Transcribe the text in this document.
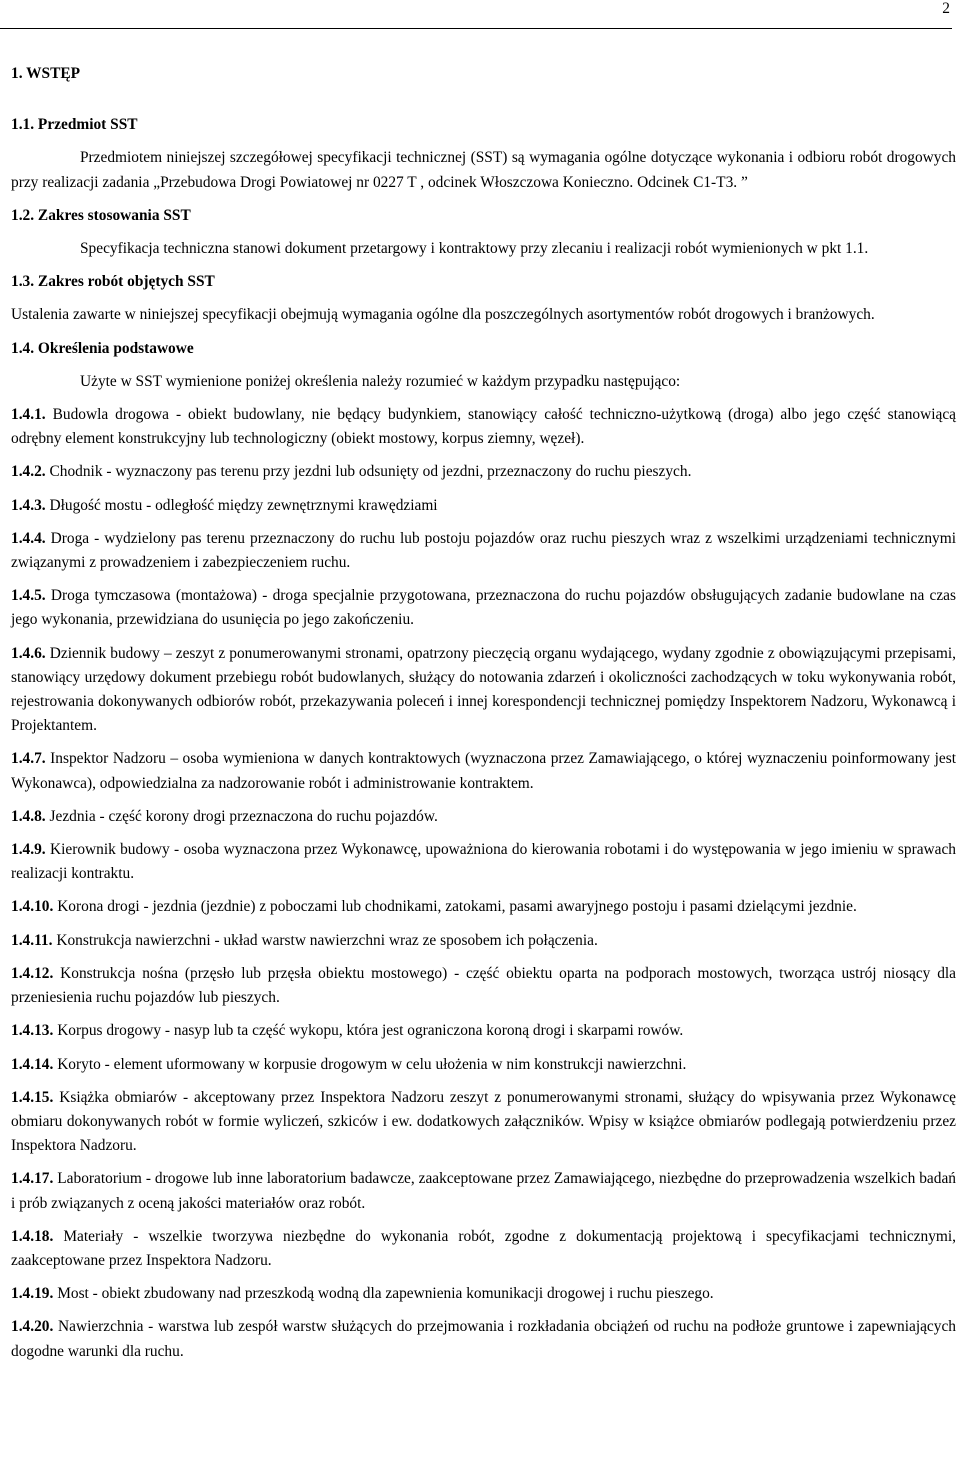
2

1. WSTĘP

1.1. Przedmiot SST

Przedmiotem niniejszej szczegółowej specyfikacji technicznej (SST) są wymagania ogólne dotyczące wykonania i odbioru robót drogowych przy realizacji zadania „Przebudowa Drogi Powiatowej nr 0227 T , odcinek Włoszczowa Konieczno. Odcinek C1-T3. ”

1.2. Zakres stosowania SST

Specyfikacja techniczna stanowi dokument przetargowy i kontraktowy przy zlecaniu i realizacji robót wymienionych w pkt 1.1.

1.3. Zakres robót objętych SST

Ustalenia zawarte w niniejszej specyfikacji obejmują wymagania ogólne dla poszczególnych asortymentów robót drogowych i branżowych.

1.4. Określenia podstawowe

Użyte w SST wymienione poniżej określenia należy rozumieć w każdym przypadku następująco:

1.4.1. Budowla drogowa - obiekt budowlany, nie będący budynkiem, stanowiący całość techniczno-użytkową (droga) albo jego część stanowiącą odrębny element konstrukcyjny lub technologiczny (obiekt mostowy, korpus ziemny, węzeł).

1.4.2. Chodnik - wyznaczony pas terenu przy jezdni lub odsunięty od jezdni, przeznaczony do ruchu pieszych.

1.4.3. Długość mostu - odległość między zewnętrznymi krawędziami

1.4.4. Droga - wydzielony pas terenu przeznaczony do ruchu lub postoju pojazdów oraz ruchu pieszych wraz z wszelkimi urządzeniami technicznymi związanymi z prowadzeniem i zabezpieczeniem ruchu.

1.4.5. Droga tymczasowa (montażowa) - droga specjalnie przygotowana, przeznaczona do ruchu pojazdów obsługujących zadanie budowlane na czas jego wykonania, przewidziana do usunięcia po jego zakończeniu.

1.4.6. Dziennik budowy – zeszyt z ponumerowanymi stronami, opatrzony pieczęcią organu wydającego, wydany zgodnie z obowiązującymi przepisami, stanowiący urzędowy dokument przebiegu robót budowlanych, służący do notowania zdarzeń i okoliczności zachodzących w toku wykonywania robót, rejestrowania dokonywanych odbiorów robót, przekazywania poleceń i innej korespondencji technicznej pomiędzy Inspektorem Nadzoru, Wykonawcą i Projektantem.

1.4.7. Inspektor Nadzoru – osoba wymieniona w danych kontraktowych (wyznaczona przez Zamawiającego, o której wyznaczeniu poinformowany jest Wykonawca), odpowiedzialna za nadzorowanie robót i administrowanie kontraktem.

1.4.8. Jezdnia - część korony drogi przeznaczona do ruchu pojazdów.

1.4.9. Kierownik budowy - osoba wyznaczona przez Wykonawcę, upoważniona do kierowania robotami i do występowania w jego imieniu w sprawach realizacji kontraktu.

1.4.10. Korona drogi - jezdnia (jezdnie) z poboczami lub chodnikami, zatokami, pasami awaryjnego postoju i pasami dzielącymi jezdnie.

1.4.11. Konstrukcja nawierzchni - układ warstw nawierzchni wraz ze sposobem ich połączenia.

1.4.12. Konstrukcja nośna (przęsło lub przęsła obiektu mostowego) - część obiektu oparta na podporach mostowych, tworząca ustrój niosący dla przeniesienia ruchu pojazdów lub pieszych.

1.4.13. Korpus drogowy - nasyp lub ta część wykopu, która jest ograniczona koroną drogi i skarpami rowów.

1.4.14. Koryto - element uformowany w korpusie drogowym w celu ułożenia w nim konstrukcji nawierzchni.

1.4.15. Książka obmiarów - akceptowany przez Inspektora Nadzoru zeszyt z ponumerowanymi stronami, służący do wpisywania przez Wykonawcę obmiaru dokonywanych robót w formie wyliczeń, szkiców i ew. dodatkowych załączników. Wpisy w książce obmiarów podlegają potwierdzeniu przez Inspektora Nadzoru.

1.4.17. Laboratorium - drogowe lub inne laboratorium badawcze, zaakceptowane przez Zamawiającego, niezbędne do przeprowadzenia wszelkich badań i prób związanych z oceną jakości materiałów oraz robót.

1.4.18. Materiały - wszelkie tworzywa niezbędne do wykonania robót, zgodne z dokumentacją projektową i specyfikacjami technicznymi, zaakceptowane przez Inspektora Nadzoru.

1.4.19. Most - obiekt zbudowany nad przeszkodą wodną dla zapewnienia komunikacji drogowej i ruchu pieszego.

1.4.20. Nawierzchnia - warstwa lub zespół warstw służących do przejmowania i rozkładania obciążeń od ruchu na podłoże gruntowe i zapewniających dogodne warunki dla ruchu.
